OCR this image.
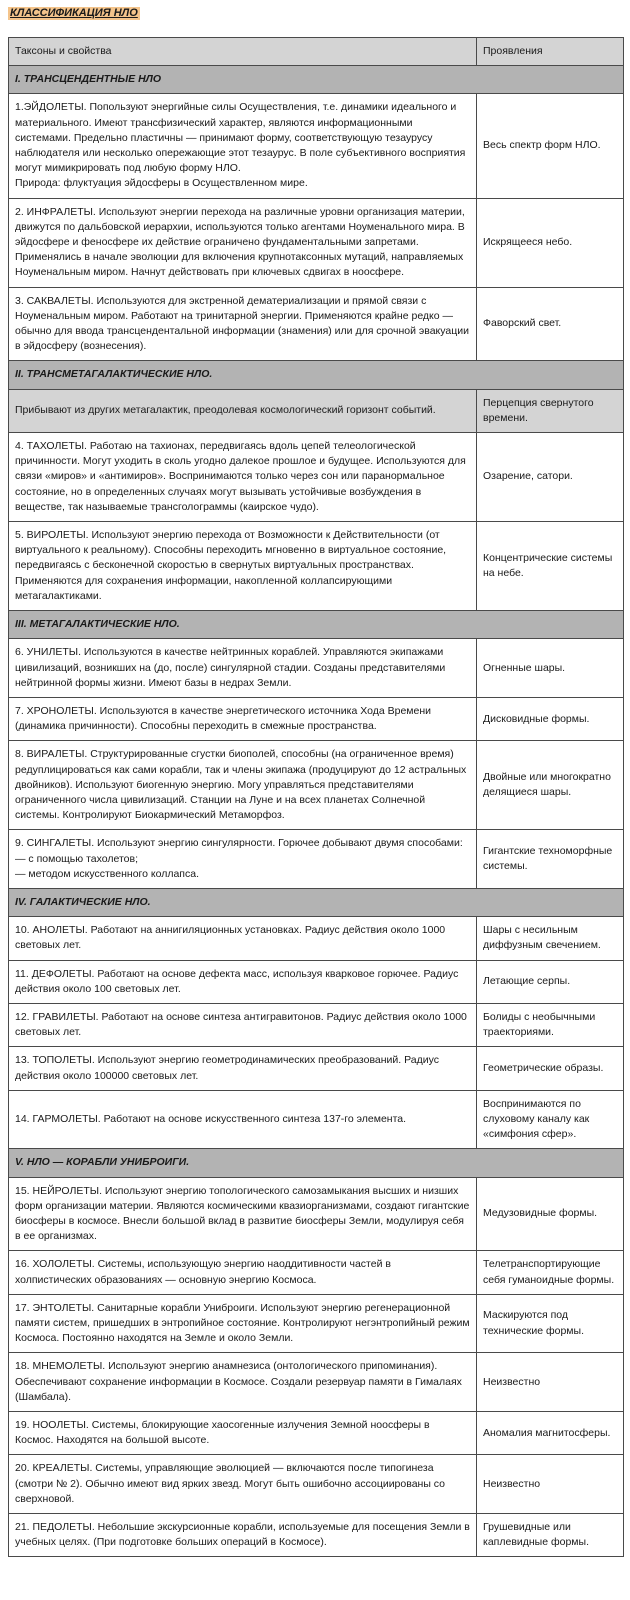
КЛАССИФИКАЦИЯ НЛО
Таксоны и свойства	Проявления
I. ТРАНСЦЕНДЕНТНЫЕ НЛО	
1.ЭЙДОЛЕТЫ. Попользуют энергийные силы Осуществления, т.е. динамики идеального и материального. Имеют трансфизический характер, являются информационными системами. Предельно пластичны — принимают форму, соответствующую тезаурусу наблюдателя или несколько опережающие этот тезаурус. В поле субъективного восприятия могут мимикрировать под любую форму НЛО.
Природа: флуктуация эйдосферы в Осуществленном мире.	Весь спектр форм НЛО.
2. ИНФРАЛЕТЫ. Используют энергии перехода на различные уровни организация материи, движутся по дальбовской иерархии, используются только агентами Ноуменального мира. В эйдосфере и феносфере их действие ограничено фундаментальными запретами. Применялись в начале эволюции для включения крупнотаксонных мутаций, направляемых Ноуменальным миром. Начнут действовать при ключевых сдвигах в ноосфере.	Искрящееся небо.
3. САКВАЛЕТЫ. Используются для экстренной дематериализации и прямой связи с Ноуменальным миром. Работают на тринитарной энергии. Применяются крайне редко — обычно для ввода трансцендентальной информации (знамения) или для срочной эвакуации в эйдосферу (вознесения).	Фаворский свет.
II. ТРАНСМЕТАГАЛАКТИЧЕСКИЕ НЛО.	
Прибывают из других метагалактик, преодолевая космологический горизонт событий.	Перцепция свернутого времени.
4. ТАХОЛЕТЫ. Работаю на тахионах, передвигаясь вдоль цепей телеологической причинности. Могут уходить в сколь угодно далекое прошлое и будущее. Используются для связи «миров» и «антимиров». Воспринимаются только через сон или паранормальное состояние, но в определенных случаях могут вызывать устойчивые возбуждения в веществе, так называемые трансголограммы (каирское чудо).	Озарение, сатори.
5. ВИРОЛЕТЫ. Используют энергию перехода от Возможности к Действительности (от виртуального к реальному). Способны переходить мгновенно в виртуальное состояние, передвигаясь с бесконечной скоростью в свернутых виртуальных пространствах. Применяются для сохранения информации, накопленной коллапсирующими метагалактиками.	Концентрические системы на небе.
III. МЕТАГАЛАКТИЧЕСКИЕ НЛО.	
6. УНИЛЕТЫ. Используются в качестве нейтринных кораблей. Управляются экипажами цивилизаций, возникших на (до, после) сингулярной стадии. Созданы представителями нейтринной формы жизни. Имеют базы в недрах Земли.	Огненные шары.
7. ХРОНОЛЕТЫ. Используются в качестве энергетического источника Хода Времени (динамика причинности). Способны переходить в смежные пространства.	Дисковидные формы.
8. ВИРАЛЕТЫ. Структурированные сгустки биополей, способны (на ограниченное время) редуплицироваться как сами корабли, так и члены экипажа (продуцируют до 12 астральных двойников). Используют биогенную энергию. Могу управляться представителями ограниченного числа цивилизаций. Станции на Луне и на всех планетах Солнечной системы. Контролируют Биокармический Метаморфоз.	Двойные или многократно делящиеся шары.
9. СИНГАЛЕТЫ. Используют энергию сингулярности. Горючее добывают двумя способами:
— с помощью тахолетов;
— методом искусственного коллапса.	Гигантские техноморфные системы.
IV. ГАЛАКТИЧЕСКИЕ НЛО.	
10. АНОЛЕТЫ. Работают на аннигиляционных установках. Радиус действия около 1000 световых лет.	Шары с несильным диффузным свечением.
11. ДЕФОЛЕТЫ. Работают на основе дефекта масс, используя кварковое горючее. Радиус действия около 100 световых лет.	Летающие серпы.
12. ГРАВИЛЕТЫ. Работают на основе синтеза антигравитонов. Радиус действия около 1000 световых лет.	Болиды с необычными траекториями.
13. ТОПОЛЕТЫ. Используют энергию геометродинамических преобразований. Радиус действия около 100000 световых лет.	Геометрические образы.
14. ГАРМОЛЕТЫ. Работают на основе искусственного синтеза 137-го элемента.	Воспринимаются по слуховому каналу как «симфония сфер».
V. НЛО — КОРАБЛИ УНИБРОИГИ.	
15. НЕЙРОЛЕТЫ. Используют энергию топологического самозамыкания высших и низших форм организации материи. Являются космическими квазиорганизмами, создают гигантские биосферы в космосе. Внесли большой вклад в развитие биосферы Земли, модулируя себя в ее организмах.	Медузовидные формы.
16. ХОЛОЛЕТЫ. Системы, использующую энергию наоддитивности частей в холпистических образованиях — основную энергию Космоса.	Телетранспортирующие себя гуманоидные формы.
17. ЭНТОЛЕТЫ. Санитарные корабли Униброиги. Используют энергию регенерационной памяти систем, пришедших в энтропийное состояние. Контролируют негэнтропийный режим Космоса. Постоянно находятся на Земле и около Земли.	Маскируются под технические формы.
18. МНЕМОЛЕТЫ. Используют энергию анамнезиса (онтологического припоминания). Обеспечивают сохранение информации в Космосе. Создали резервуар памяти в Гималаях (Шамбала).	Неизвестно
19. НООЛЕТЫ. Системы, блокирующие хаосогенные излучения Земной ноосферы в Космос. Находятся на большой высоте.	Аномалия магнитосферы.
20. КРЕАЛЕТЫ. Системы, управляющие эволюцией — включаются после типогинеза (смотри № 2). Обычно имеют вид ярких звезд. Могут быть ошибочно ассоциированы со сверхновой.	Неизвестно
21. ПЕДОЛЕТЫ. Небольшие экскурсионные корабли, используемые для посещения Земли в учебных целях. (При подготовке больших операций в Космосе).	Грушевидные или каплевидные формы.
